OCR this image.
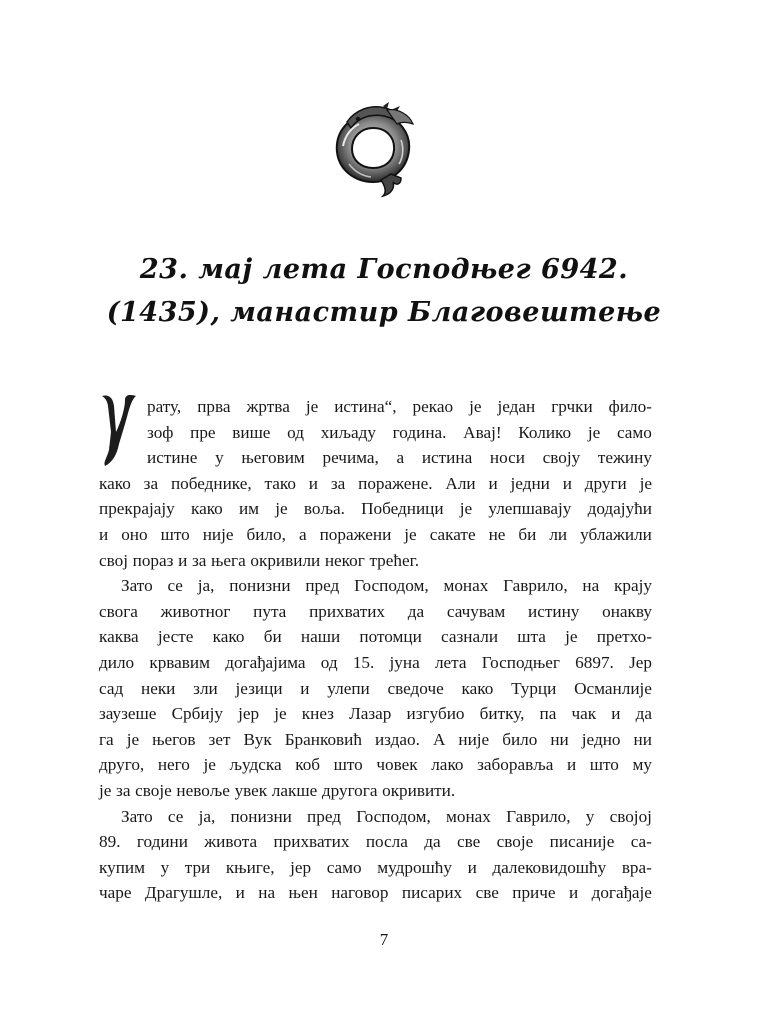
23. мај лета Господњег 6942.
(1435), манастир Благовештење
У
„
рату, прва жртва је истина“, рекао је један грчки фило-
зоф пре више од хиљаду година. Авај! Колико је само
истине у његовим речима, а истина носи своју тежину
како за победнике, тако и за поражене. Али и једни и други је
прекрајају како им је воља. Победници је улепшавају додајући
и оно што није било, а поражени је сакате не би ли ублажили
свој пораз и за њега окривили неког трећег.
Зато се ја, понизни пред Господом, монах Гаврило, на крају
свога животног пута прихватих да сачувам истину онакву
каква јесте како би наши потомци сазнали шта је претхо-
дило крвавим догађајима од 15. јуна лета Господњег 6897. Јер
сад неки зли језици и улепи сведоче како Турци Османлије
заузеше Србију јер је кнез Лазар изгубио битку, па чак и да
га је његов зет Вук Бранковић издао. А није било ни једно ни
друго, него је људска коб што човек лако заборавља и што му
је за своје невоље увек лакше другога окривити.
Зато се ја, понизни пред Господом, монах Гаврило, у својој
89. години живота прихватих посла да све своје писаније са-
купим у три књиге, јер само мудрошћу и далековидошћу вра-
чаре Драгушле, и на њен наговор писарих све приче и догађаје
7
